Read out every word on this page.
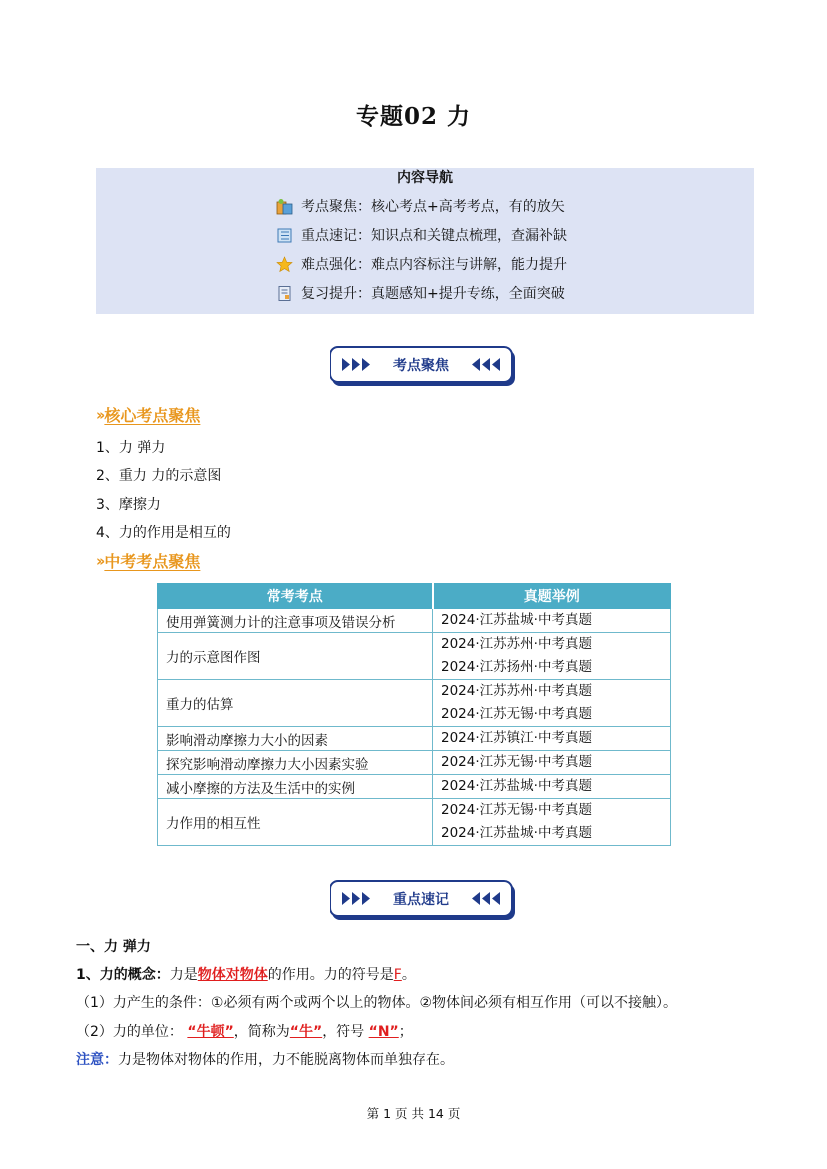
专题02 力
内容导航
考点聚焦：核心考点+高考考点，有的放矢
重点速记：知识点和关键点梳理，查漏补缺
难点强化：难点内容标注与讲解，能力提升
复习提升：真题感知+提升专练，全面突破
考点聚焦
›› 核心考点聚焦
1、力 弹力
2、重力 力的示意图
3、摩擦力
4、力的作用是相互的
›› 中考考点聚焦
常考考点	真题举例
使用弹簧测力计的注意事项及错误分析	2024·江苏盐城·中考真题

力的示意图作图	2024·江苏苏州·中考真题
2024·江苏扬州·中考真题

重力的估算	2024·江苏苏州·中考真题
2024·江苏无锡·中考真题

影响滑动摩擦力大小的因素	2024·江苏镇江·中考真题

探究影响滑动摩擦力大小因素实验	2024·江苏无锡·中考真题

减小摩擦的方法及生活中的实例	2024·江苏盐城·中考真题

力作用的相互性	2024·江苏无锡·中考真题
2024·江苏盐城·中考真题
重点速记
一、力 弹力
1、力的概念：力是物体对物体的作用。力的符号是F。
（1）力产生的条件：①必须有两个或两个以上的物体。②物体间必须有相互作用（可以不接触）。
（2）力的单位： “牛顿”，简称为“牛”，符号 “N”；
注意：力是物体对物体的作用，力不能脱离物体而单独存在。
第 1 页 共 14 页
